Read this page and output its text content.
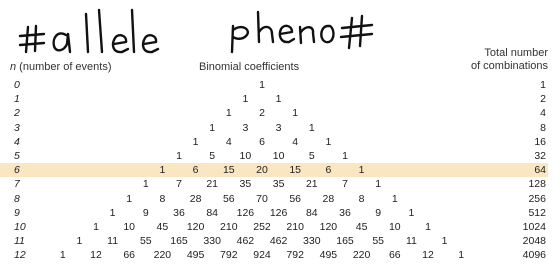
n (number of events)	Binomial coefficients
Total number
of combinations
0	1	1
1	1	1	2
2	1	2	1	4
3	1	3	3	1	8
4	1	4	6	4	1	16
5	1	5 10 10 5	1	32
6	1	6 15 20 15 6	1	64
7	1	7 21 35 35 21 7	1	128
8	1	8 28 56 70 56 28 8	1	256
9	1	9 36 84 126 126 84 36 9	1	512
10	1 10 45 120 210 252 210 120 45 10 1	1024
11	1 11 55 165 330 462 462 330 165 55 11 1	2048
12	1 12 66 220 495 792 924 792 495 220 66 12 1	4096
